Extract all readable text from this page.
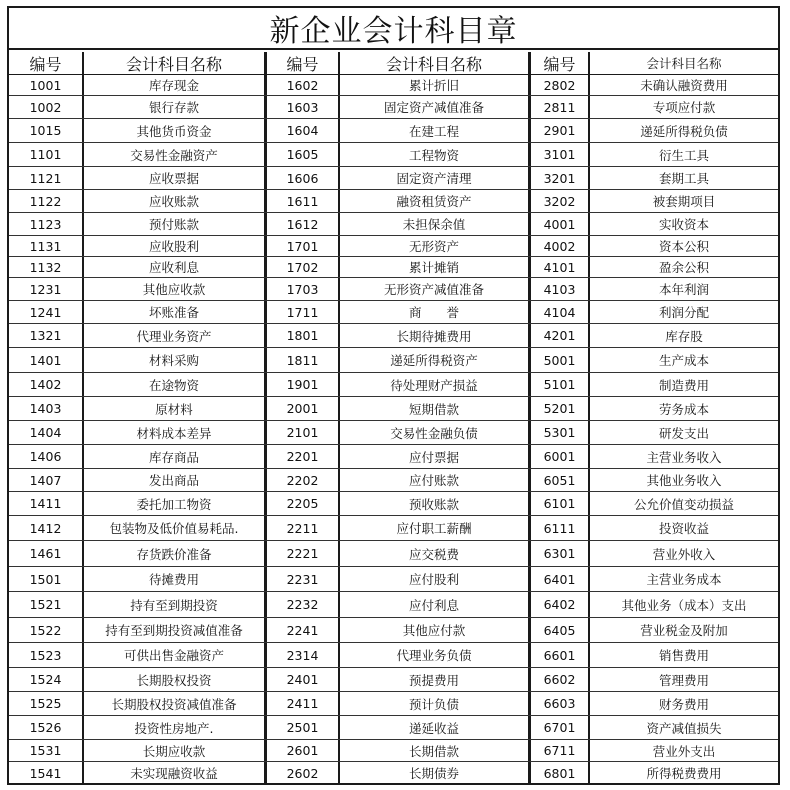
新企业会计科目章
编号	会计科目名称	编号	会计科目名称	编号	会计科目名称
1001	库存现金	1602	累计折旧	2802	未确认融资费用
1002	银行存款	1603	固定资产减值准备	2811	专项应付款
1015	其他货币资金	1604	在建工程	2901	递延所得税负债
1101	交易性金融资产	1605	工程物资	3101	衍生工具
1121	应收票据	1606	固定资产清理	3201	套期工具
1122	应收账款	1611	融资租赁资产	3202	被套期项目
1123	预付账款	1612	未担保余值	4001	实收资本
1131	应收股利	1701	无形资产	4002	资本公积
1132	应收利息	1702	累计摊销	4101	盈余公积
1231	其他应收款	1703	无形资产减值准备	4103	本年利润
1241	坏账准备	1711	商　　誉	4104	利润分配
1321	代理业务资产	1801	长期待摊费用	4201	库存股
1401	材料采购	1811	递延所得税资产	5001	生产成本
1402	在途物资	1901	待处理财产损益	5101	制造费用
1403	原材料	2001	短期借款	5201	劳务成本
1404	材料成本差异	2101	交易性金融负债	5301	研发支出
1406	库存商品	2201	应付票据	6001	主营业务收入
1407	发出商品	2202	应付账款	6051	其他业务收入
1411	委托加工物资	2205	预收账款	6101	公允价值变动损益
1412	包装物及低价值易耗品.	2211	应付职工薪酬	6111	投资收益
1461	存货跌价准备	2221	应交税费	6301	营业外收入
1501	待摊费用	2231	应付股利	6401	主营业务成本
1521	持有至到期投资	2232	应付利息	6402	其他业务（成本）支出
1522	持有至到期投资减值准备	2241	其他应付款	6405	营业税金及附加
1523	可供出售金融资产	2314	代理业务负债	6601	销售费用
1524	长期股权投资	2401	预提费用	6602	管理费用
1525	长期股权投资减值准备	2411	预计负债	6603	财务费用
1526	投资性房地产.	2501	递延收益	6701	资产减值损失
1531	长期应收款	2601	长期借款	6711	营业外支出
1541	未实现融资收益	2602	长期债券	6801	所得税费费用
